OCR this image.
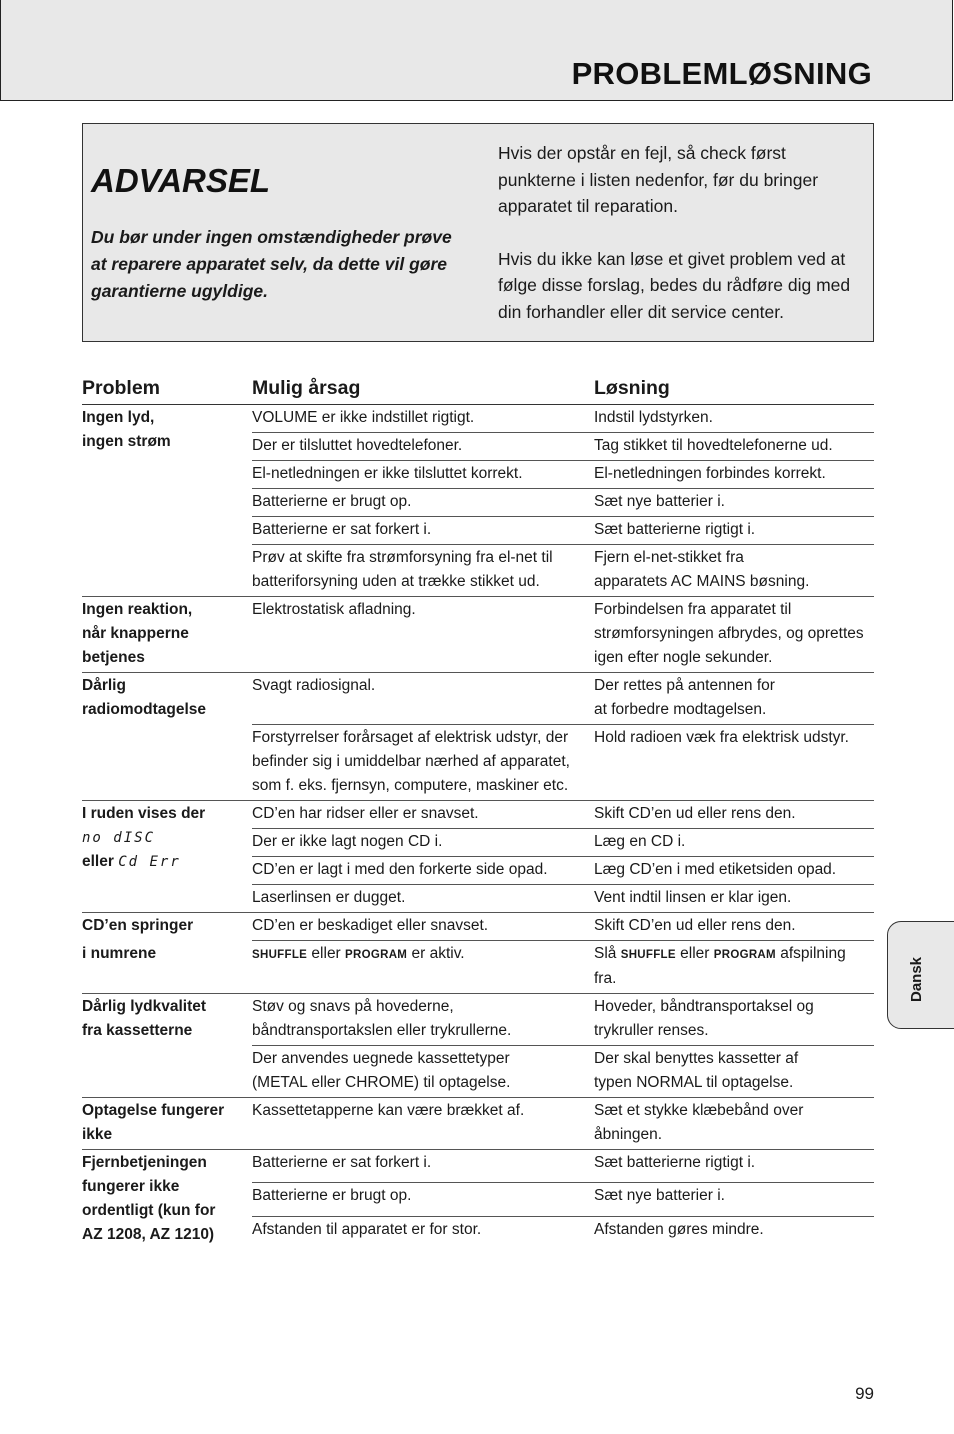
PROBLEMLØSNING
ADVARSEL
Du bør under ingen omstændigheder prøve at reparere apparatet selv, da dette vil gøre garantierne ugyldige.

Hvis der opstår en fejl, så check først punkterne i listen nedenfor, før du bringer apparatet til reparation.

Hvis du ikke kan løse et givet problem ved at følge disse forslag, bedes du rådføre dig med din forhandler eller dit service center.

Problem	Mulig årsag	Løsning
Ingen lyd,
ingen strøm	VOLUME er ikke indstillet rigtigt.	Indstil lydstyrken.
	Der er tilsluttet hovedtelefoner.	Tag stikket til hovedtelefonerne ud.
	El-netledningen er ikke tilsluttet korrekt.	El-netledningen forbindes korrekt.
	Batterierne er brugt op.	Sæt nye batterier i.
	Batterierne er sat forkert i.	Sæt batterierne rigtigt i.
	Prøv at skifte fra strømforsyning fra el-net til batteriforsyning uden at trække stikket ud.	Fjern el-net-stikket fra
apparatets AC MAINS bøsning.
Ingen reaktion,
når knapperne
betjenes	Elektrostatisk afladning.	Forbindelsen fra apparatet til strømforsyningen afbrydes, og oprettes igen efter nogle sekunder.
Dårlig
radiomodtagelse	Svagt radiosignal.	Der rettes på antennen for
at forbedre modtagelsen.
	Forstyrrelser forårsaget af elektrisk udstyr, der befinder sig i umiddelbar nærhed af apparatet, som f. eks. fjernsyn, computere, maskiner etc.	Hold radioen væk fra elektrisk udstyr.

I ruden vises der
no dISC
eller Cd Err	CD’en har ridser eller er snavset.	Skift CD’en ud eller rens den.
	Der er ikke lagt nogen CD i.	Læg en CD i.
	CD’en er lagt i med den forkerte side opad.	Læg CD’en i med etiketsiden opad.
	Laserlinsen er dugget.	Vent indtil linsen er klar igen.
CD’en springer	CD’en er beskadiget eller snavset.	Skift CD’en ud eller rens den.
i numrene	SHUFFLE eller PROGRAM er aktiv.	Slå SHUFFLE eller PROGRAM afspilning fra.
Dårlig lydkvalitet
fra kassetterne	Støv og snavs på hovederne,
båndtransportakslen eller trykrullerne.	Hoveder, båndtransportaksel og
trykruller renses.
	Der anvendes uegnede kassettetyper
(METAL eller CHROME) til optagelse.	Der skal benyttes kassetter af
typen NORMAL til optagelse.
Optagelse fungerer
ikke	Kassettetapperne kan være brækket af.	Sæt et stykke klæbebånd over
åbningen.
Fjernbetjeningen
fungerer ikke
ordentligt (kun for
AZ 1208, AZ 1210)	Batterierne er sat forkert i.	Sæt batterierne rigtigt i.
	Batterierne er brugt op.	Sæt nye batterier i.
	Afstanden til apparatet er for stor.	Afstanden gøres mindre.
Dansk
99
